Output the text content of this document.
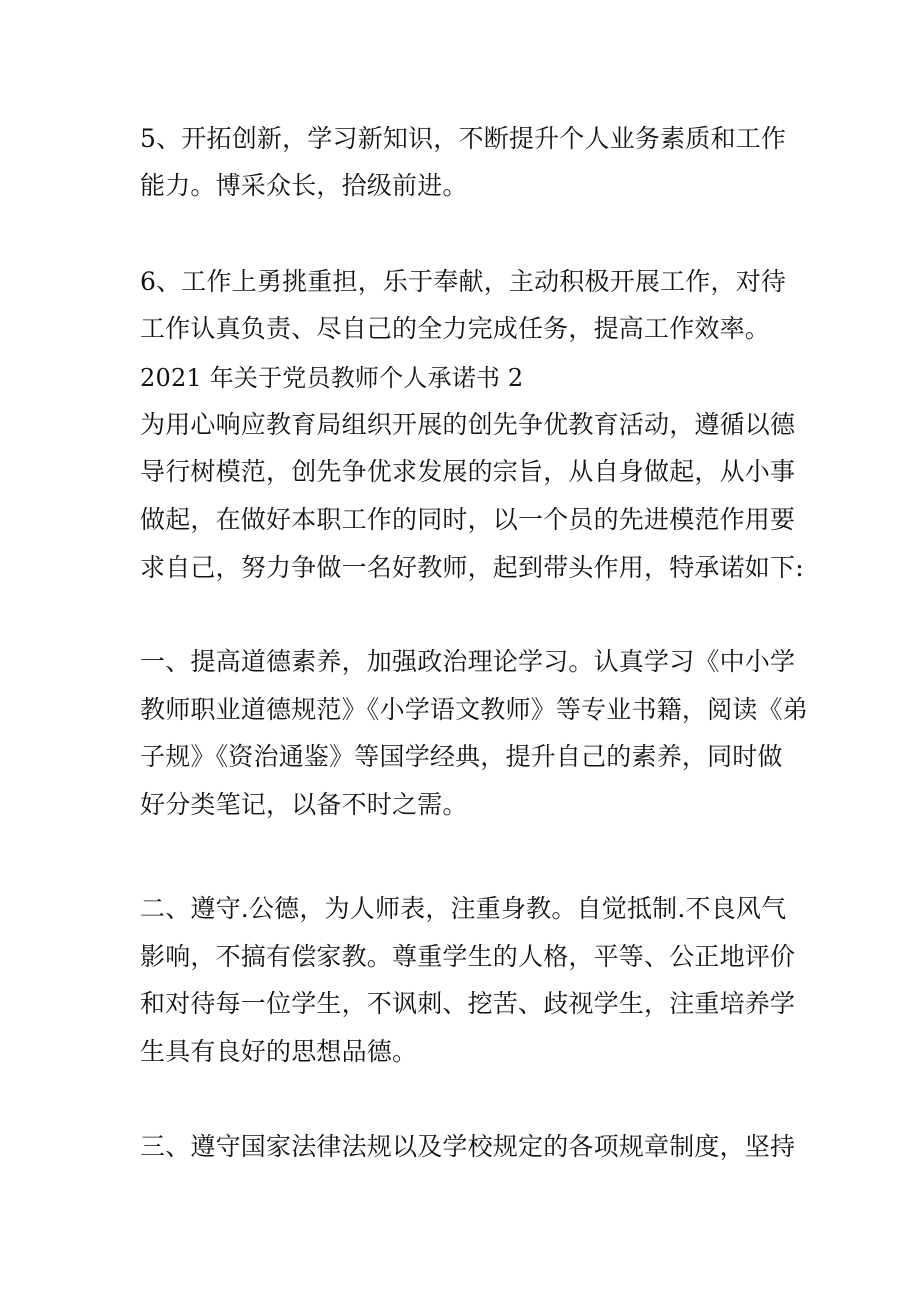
5、开拓创新，学习新知识，不断提升个人业务素质和工作
能力。博采众长，拾级前进。
6、工作上勇挑重担，乐于奉献，主动积极开展工作，对待
工作认真负责、尽自己的全力完成任务，提高工作效率。
2021 年关于党员教师个人承诺书 2
为用心响应教育局组织开展的创先争优教育活动，遵循以德
导行树模范，创先争优求发展的宗旨，从自身做起，从小事
做起，在做好本职工作的同时，以一个员的先进模范作用要
求自己，努力争做一名好教师，起到带头作用，特承诺如下:
一、提高道德素养，加强政治理论学习。认真学习《中小学
教师职业道德规范》《小学语文教师》等专业书籍，阅读《弟
子规》《资治通鉴》等国学经典，提升自己的素养，同时做
好分类笔记，以备不时之需。
二、遵守.公德，为人师表，注重身教。自觉抵制.不良风气
影响，不搞有偿家教。尊重学生的人格，平等、公正地评价
和对待每一位学生，不讽刺、挖苦、歧视学生，注重培养学
生具有良好的思想品德。
三、遵守国家法律法规以及学校规定的各项规章制度，坚持
